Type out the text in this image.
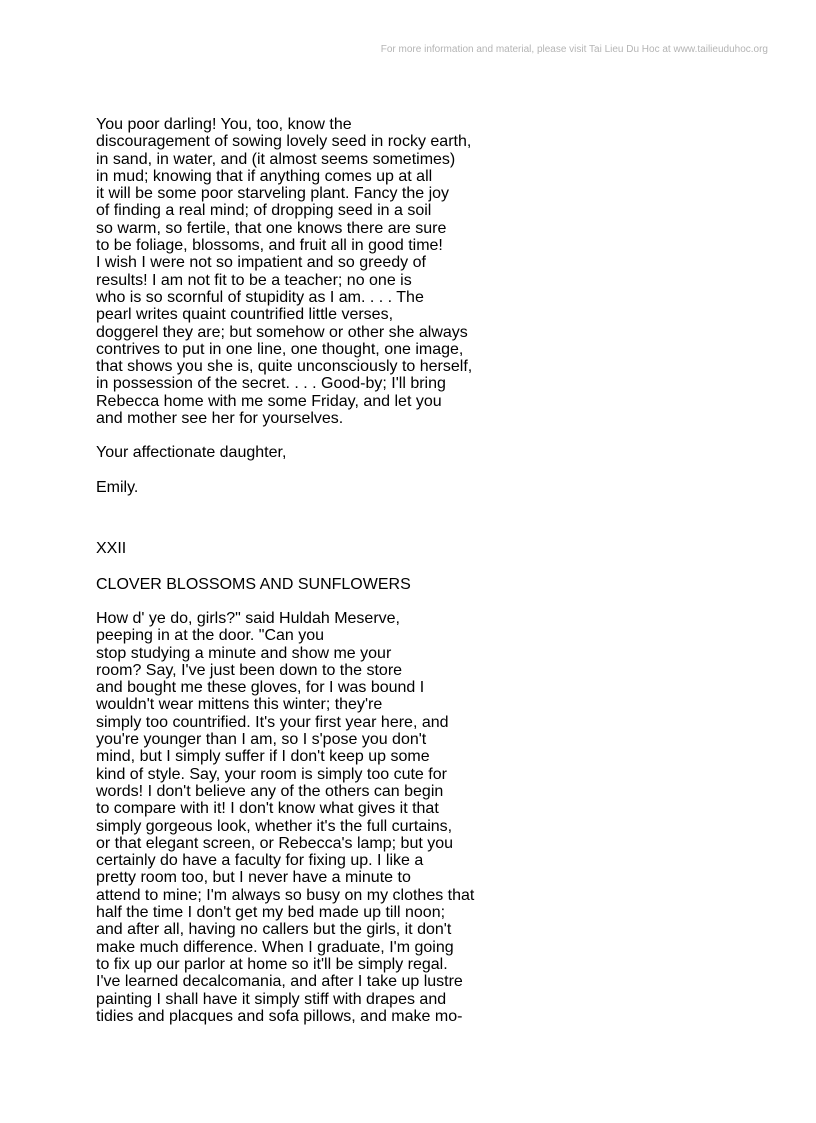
For more information and material, please visit Tai Lieu Du Hoc at www.tailieuduhoc.org
You poor darling! You, too, know the
discouragement of sowing lovely seed in rocky earth,
in sand, in water, and (it almost seems sometimes)
in mud; knowing that if anything comes up at all
it will be some poor starveling plant. Fancy the joy
of finding a real mind; of dropping seed in a soil
so warm, so fertile, that one knows there are sure
to be foliage, blossoms, and fruit all in good time!
I wish I were not so impatient and so greedy of
results! I am not fit to be a teacher; no one is
who is so scornful of stupidity as I am. . . . The
pearl writes quaint countrified little verses,
doggerel they are; but somehow or other she always
contrives to put in one line, one thought, one image,
that shows you she is, quite unconsciously to herself,
in possession of the secret. . . . Good-by; I'll bring
Rebecca home with me some Friday, and let you
and mother see her for yourselves.
Your affectionate daughter,
Emily.
XXII
CLOVER BLOSSOMS AND SUNFLOWERS
How d' ye do, girls?" said Huldah Meserve,
peeping in at the door. "Can you
stop studying a minute and show me your
room? Say, I've just been down to the store
and bought me these gloves, for I was bound I
wouldn't wear mittens this winter; they're
simply too countrified. It's your first year here, and
you're younger than I am, so I s'pose you don't
mind, but I simply suffer if I don't keep up some
kind of style. Say, your room is simply too cute for
words! I don't believe any of the others can begin
to compare with it! I don't know what gives it that
simply gorgeous look, whether it's the full curtains,
or that elegant screen, or Rebecca's lamp; but you
certainly do have a faculty for fixing up. I like a
pretty room too, but I never have a minute to
attend to mine; I'm always so busy on my clothes that
half the time I don't get my bed made up till noon;
and after all, having no callers but the girls, it don't
make much difference. When I graduate, I'm going
to fix up our parlor at home so it'll be simply regal.
I've learned decalcomania, and after I take up lustre
painting I shall have it simply stiff with drapes and
tidies and placques and sofa pillows, and make mo-
